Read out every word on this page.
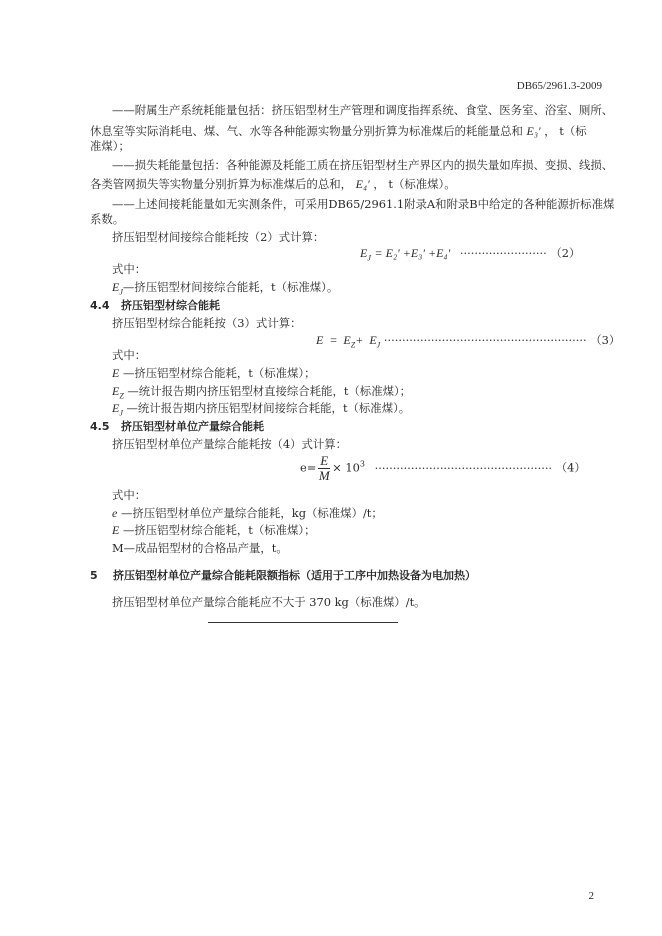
DB65/2961.3-2009
——附属生产系统耗能量包括：挤压铝型材生产管理和调度指挥系统、食堂、医务室、浴室、厕所、
休息室等实际消耗电、煤、气、水等各种能源实物量分别折算为标准煤后的耗能量总和 E₃′ ， t（标
准煤）；
——损失耗能量包括：各种能源及耗能工质在挤压铝型材生产界区内的损失量如库损、变损、线损、
各类管网损失等实物量分别折算为标准煤后的总和， E₄′ ， t（标准煤）。
——上述间接耗能量如无实测条件，可采用DB65/2961.1附录A和附录B中给定的各种能源折标准煤
系数。
挤压铝型材间接综合能耗按（2）式计算：
$E_J = E_2' +E_3' +E_4'$ ························ （2）
式中：
$E_J—$挤压铝型材间接综合能耗，t（标准煤）。
4.4 挤压铝型材综合能耗
挤压铝型材综合能耗按（3）式计算：
$E = E_Z+ E_J$ ························································ （3）
式中：
E —挤压铝型材综合能耗，t（标准煤）；
$E_Z$ —统计报告期内挤压铝型材直接综合耗能，t（标准煤）；
$E_J$ —统计报告期内挤压铝型材间接综合耗能，t（标准煤）。
4.5 挤压铝型材单位产量综合能耗
挤压铝型材单位产量综合能耗按（4）式计算：
$e= \frac{E}{M} \times 10^3$ ················································· （4）
式中：
e —挤压铝型材单位产量综合能耗，kg（标准煤）/t；
E —挤压铝型材综合能耗，t（标准煤）；
M—成品铝型材的合格品产量，t。
5 挤压铝型材单位产量综合能耗限额指标（适用于工序中加热设备为电加热）
挤压铝型材单位产量综合能耗应不大于 370 kg（标准煤）/t。
2
